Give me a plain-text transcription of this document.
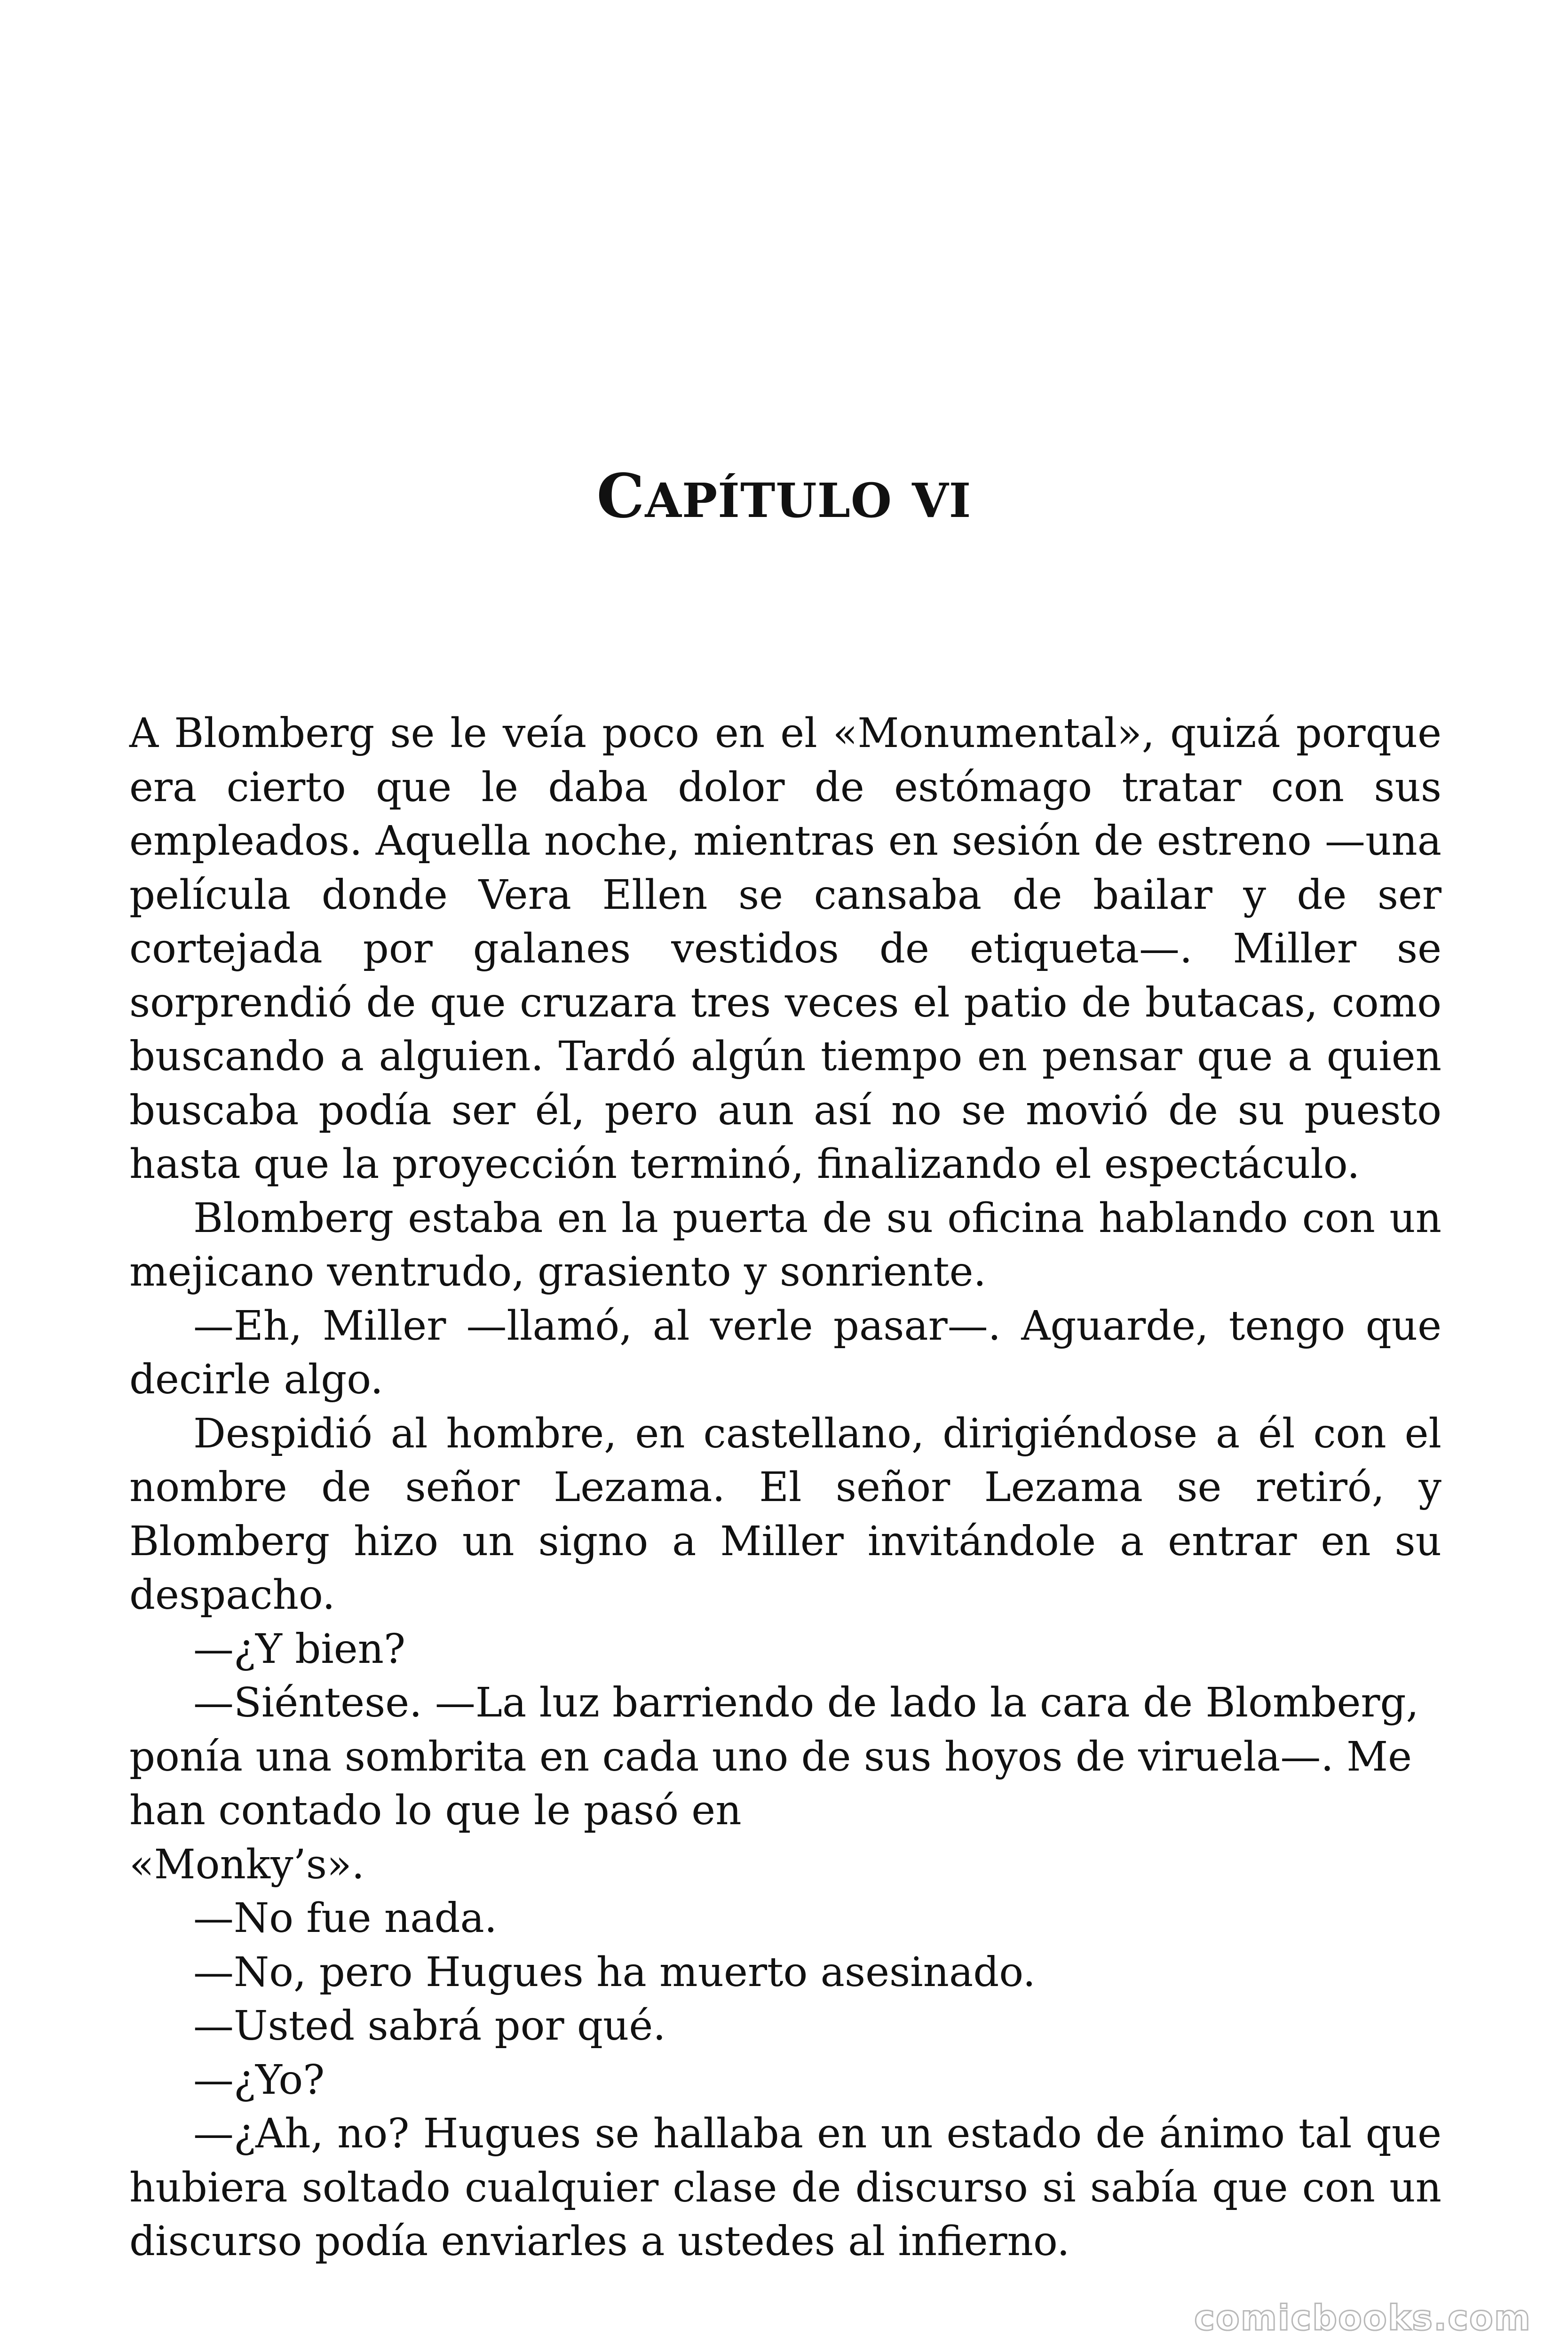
CAPÍTULO VI

A Blomberg se le veía poco en el «Monumental», quizá porque era cierto que le daba dolor de estómago tratar con sus empleados. Aquella noche, mientras en sesión de estreno —una película donde Vera Ellen se cansaba de bailar y de ser cortejada por galanes vestidos de etiqueta—. Miller se sorprendió de que cruzara tres veces el patio de butacas, como buscando a alguien. Tardó algún tiempo en pensar que a quien buscaba podía ser él, pero aun así no se movió de su puesto hasta que la proyección terminó, finalizando el espectáculo.

Blomberg estaba en la puerta de su oficina hablando con un mejicano ventrudo, grasiento y sonriente.

—Eh, Miller —llamó, al verle pasar—. Aguarde, tengo que decirle algo.

Despidió al hombre, en castellano, dirigiéndose a él con el nombre de señor Lezama. El señor Lezama se retiró, y Blomberg hizo un signo a Miller invitándole a entrar en su despacho.

—¿Y bien?

—Siéntese. —La luz barriendo de lado la cara de Blomberg, ponía una sombrita en cada uno de sus hoyos de viruela—. Me han contado lo que le pasó en

«Monky’s».

—No fue nada.

—No, pero Hugues ha muerto asesinado.

—Usted sabrá por qué.

—¿Yo?

—¿Ah, no? Hugues se hallaba en un estado de ánimo tal que hubiera soltado cualquier clase de discurso si sabía que con un discurso podía enviarles a ustedes al infierno.

comicbooks.com
